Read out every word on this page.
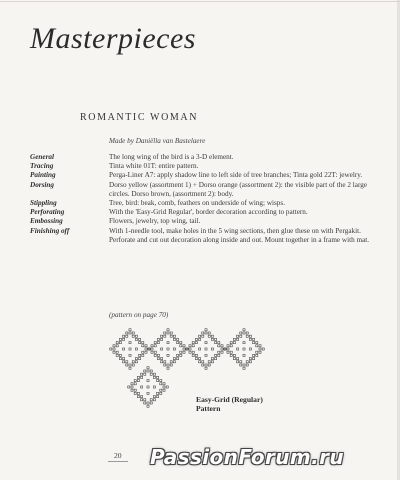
Masterpieces
ROMANTIC WOMAN
Made by Daniëlla van Bastelaere
General	The long wing of the bird is a 3-D element.
Tracing	Tinta white 01T: entire pattern.
Painting	Perga-Liner A7: apply shadow line to left side of tree branches; Tinta gold 22T: jewelry.
Dorsing	Dorso yellow (assortment 1) + Dorso orange (assortment 2): the visible part of the 2 large circles. Dorso brown, (assortment 2): body.
Stippling	Tree, bird: beak, comb, feathers on underside of wing; wisps.
Perforating	With the 'Easy-Grid Regular', border decoration according to pattern.
Embossing	Flowers, jewelry, top wing, tail.
Finishing off	With 1-needle tool, make holes in the 5 wing sections, then glue these on with Pergakit. Perforate and cut out decoration along inside and out. Mount together in a frame with mat.
(pattern on page 70)
Easy-Grid (Regular)
Pattern
20 PassionForum.ru
